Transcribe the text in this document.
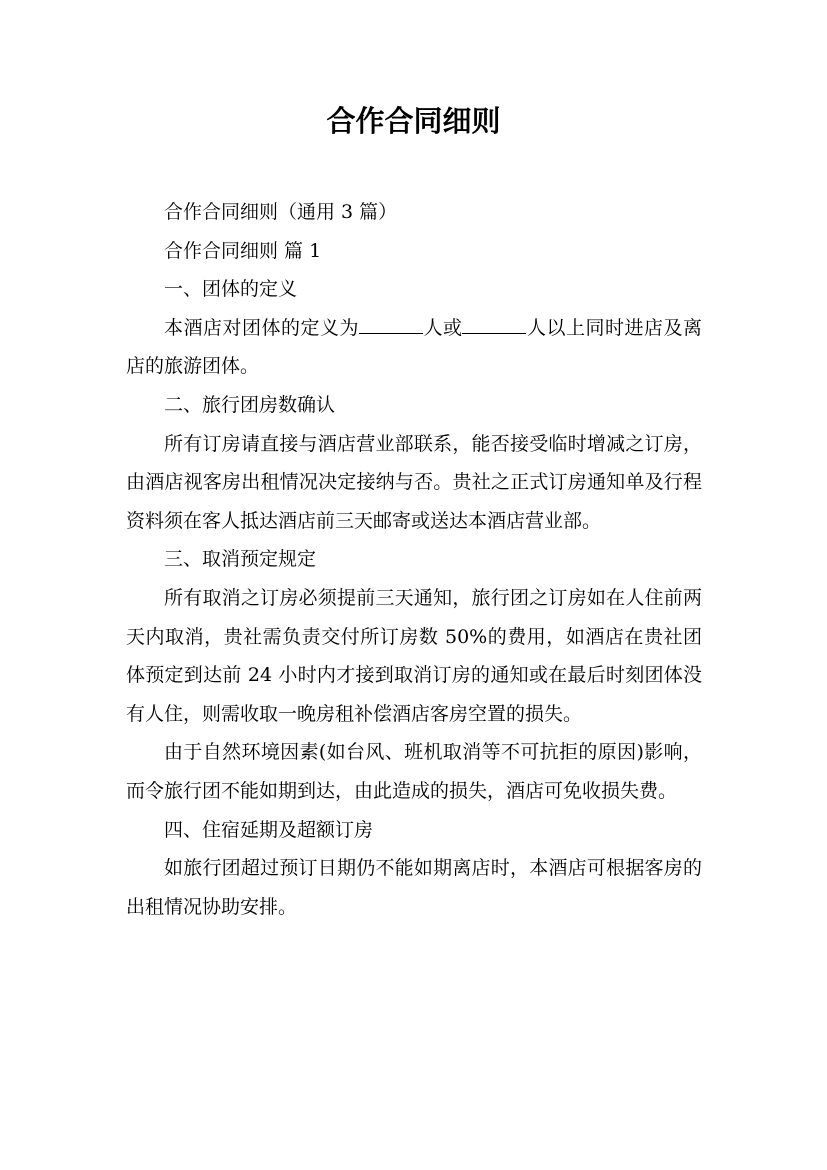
合作合同细则

合作合同细则（通用 3 篇）

合作合同细则 篇 1

一、团体的定义

本酒店对团体的定义为	人或	人以上同时进店及离店的旅游团体。

二、旅行团房数确认

所有订房请直接与酒店营业部联系，能否接受临时增减之订房，由酒店视客房出租情况决定接纳与否。贵社之正式订房通知单及行程资料须在客人抵达酒店前三天邮寄或送达本酒店营业部。

三、取消预定规定

所有取消之订房必须提前三天通知，旅行团之订房如在人住前两天内取消，贵社需负责交付所订房数 50%的费用，如酒店在贵社团体预定到达前 24 小时内才接到取消订房的通知或在最后时刻团体没有人住，则需收取一晚房租补偿酒店客房空置的损失。

由于自然环境因素(如台风、班机取消等不可抗拒的原因)影响，而令旅行团不能如期到达，由此造成的损失，酒店可免收损失费。

四、住宿延期及超额订房

如旅行团超过预订日期仍不能如期离店时，本酒店可根据客房的出租情况协助安排。
